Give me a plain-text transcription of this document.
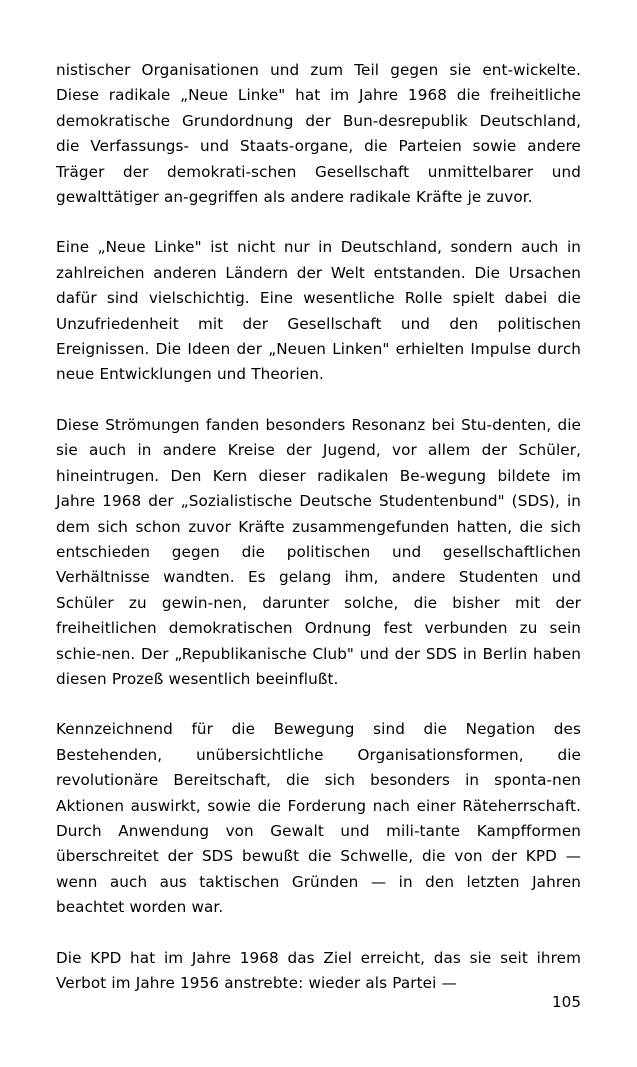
nistischer Organisationen und zum Teil gegen sie ent-wickelte. Diese radikale „Neue Linke" hat im Jahre 1968 die freiheitliche demokratische Grundordnung der Bun-desrepublik Deutschland, die Verfassungs- und Staats-organe, die Parteien sowie andere Träger der demokrati-schen Gesellschaft unmittelbarer und gewalttätiger an-gegriffen als andere radikale Kräfte je zuvor.

Eine „Neue Linke" ist nicht nur in Deutschland, sondern auch in zahlreichen anderen Ländern der Welt entstanden. Die Ursachen dafür sind vielschichtig. Eine wesentliche Rolle spielt dabei die Unzufriedenheit mit der Gesellschaft und den politischen Ereignissen. Die Ideen der „Neuen Linken" erhielten Impulse durch neue Entwicklungen und Theorien.

Diese Strömungen fanden besonders Resonanz bei Stu-denten, die sie auch in andere Kreise der Jugend, vor allem der Schüler, hineintrugen. Den Kern dieser radikalen Be-wegung bildete im Jahre 1968 der „Sozialistische Deutsche Studentenbund" (SDS), in dem sich schon zuvor Kräfte zusammengefunden hatten, die sich entschieden gegen die politischen und gesellschaftlichen Verhältnisse wandten. Es gelang ihm, andere Studenten und Schüler zu gewin-nen, darunter solche, die bisher mit der freiheitlichen demokratischen Ordnung fest verbunden zu sein schie-nen. Der „Republikanische Club" und der SDS in Berlin haben diesen Prozeß wesentlich beeinflußt.

Kennzeichnend für die Bewegung sind die Negation des Bestehenden, unübersichtliche Organisationsformen, die revolutionäre Bereitschaft, die sich besonders in sponta-nen Aktionen auswirkt, sowie die Forderung nach einer Räteherrschaft. Durch Anwendung von Gewalt und mili-tante Kampfformen überschreitet der SDS bewußt die Schwelle, die von der KPD — wenn auch aus taktischen Gründen — in den letzten Jahren beachtet worden war.

Die KPD hat im Jahre 1968 das Ziel erreicht, das sie seit ihrem Verbot im Jahre 1956 anstrebte: wieder als Partei —

105
